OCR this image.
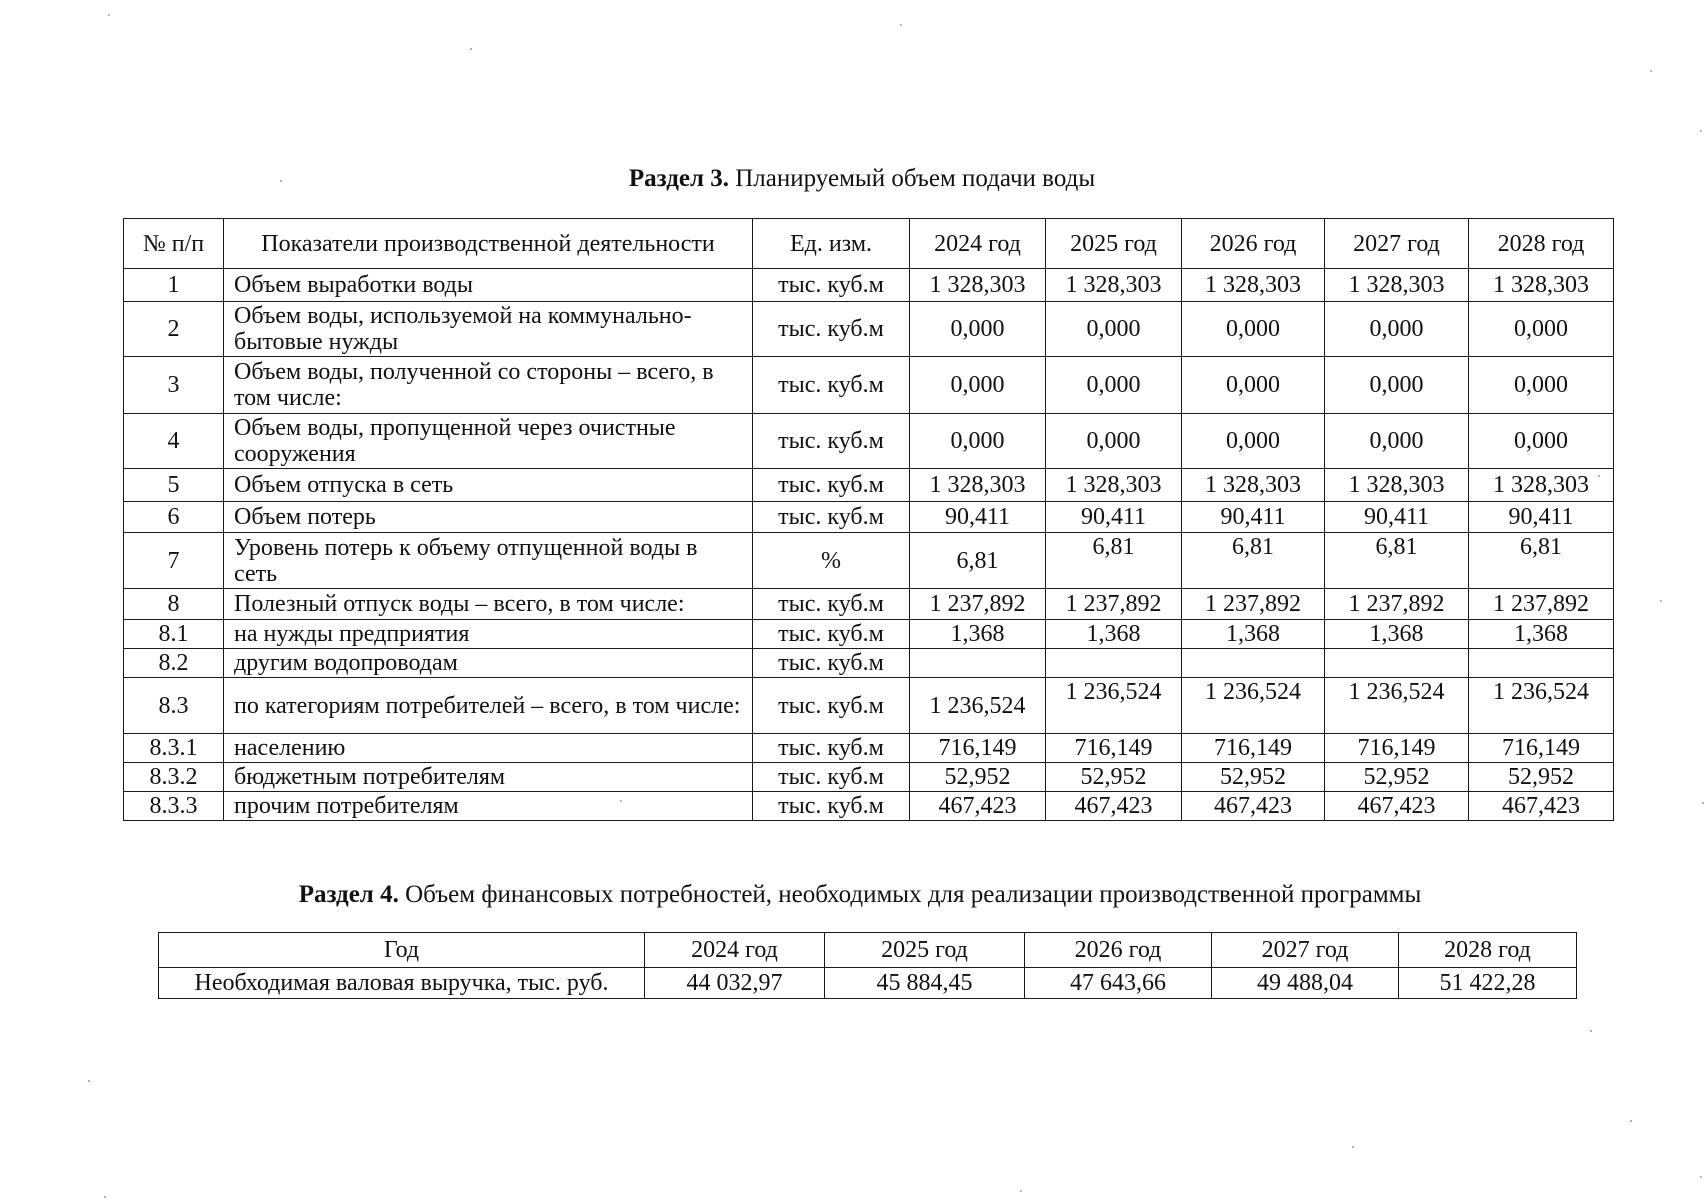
Раздел 3. Планируемый объем подачи воды
№ п/п	Показатели производственной деятельности	Ед. изм.	2024 год	2025 год	2026 год	2027 год	2028 год
1	Объем выработки воды	тыс. куб.м	1 328,303	1 328,303	1 328,303	1 328,303	1 328,303
2	Объем воды, используемой на коммунально-бытовые нужды	тыс. куб.м	0,000	0,000	0,000	0,000	0,000
3	Объем воды, полученной со стороны – всего, в том числе:	тыс. куб.м	0,000	0,000	0,000	0,000	0,000
4	Объем воды, пропущенной через очистные сооружения	тыс. куб.м	0,000	0,000	0,000	0,000	0,000
5	Объем отпуска в сеть	тыс. куб.м	1 328,303	1 328,303	1 328,303	1 328,303	1 328,303
6	Объем потерь	тыс. куб.м	90,411	90,411	90,411	90,411	90,411
7	Уровень потерь к объему отпущенной воды в сеть	%	6,81	6,81	6,81	6,81	6,81
8	Полезный отпуск воды – всего, в том числе:	тыс. куб.м	1 237,892	1 237,892	1 237,892	1 237,892	1 237,892
8.1	на нужды предприятия	тыс. куб.м	1,368	1,368	1,368	1,368	1,368
8.2	другим водопроводам	тыс. куб.м					
8.3	по категориям потребителей – всего, в том числе:	тыс. куб.м	1 236,524	1 236,524	1 236,524	1 236,524	1 236,524
8.3.1	населению	тыс. куб.м	716,149	716,149	716,149	716,149	716,149
8.3.2	бюджетным потребителям	тыс. куб.м	52,952	52,952	52,952	52,952	52,952
8.3.3	прочим потребителям	тыс. куб.м	467,423	467,423	467,423	467,423	467,423
Раздел 4. Объем финансовых потребностей, необходимых для реализации производственной программы
Год	2024 год	2025 год	2026 год	2027 год	2028 год
Необходимая валовая выручка, тыс. руб.	44 032,97	45 884,45	47 643,66	49 488,04	51 422,28
